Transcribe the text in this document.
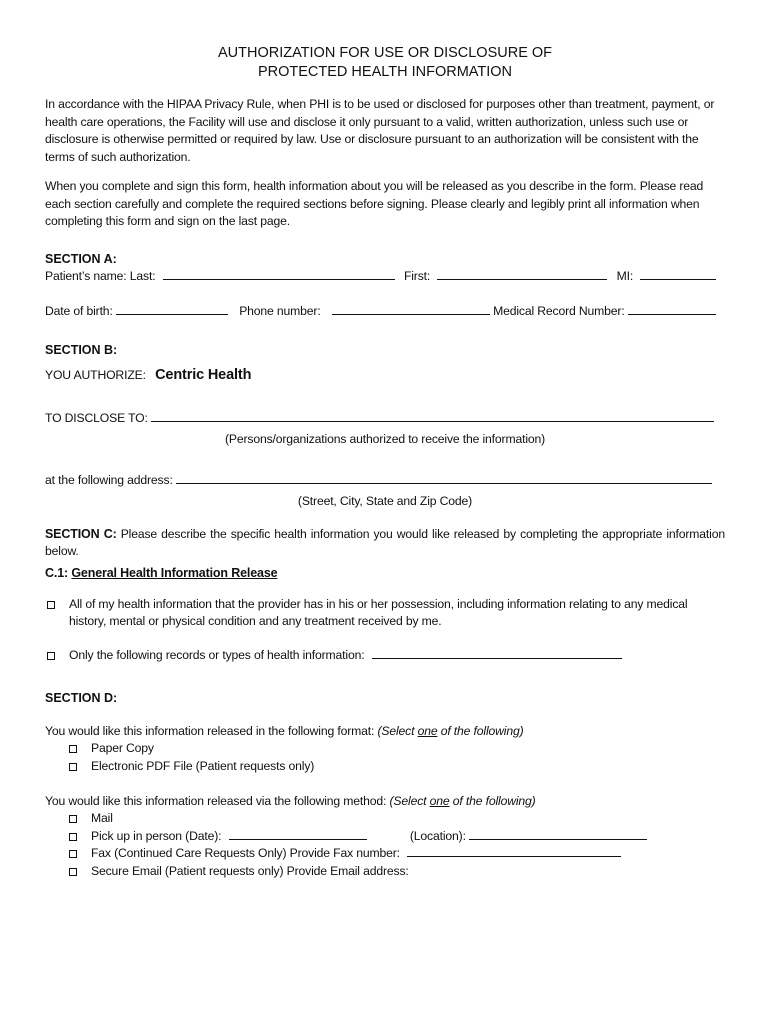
AUTHORIZATION FOR USE OR DISCLOSURE OF
PROTECTED HEALTH INFORMATION

In accordance with the HIPAA Privacy Rule, when PHI is to be used or disclosed for purposes other than treatment, payment, or health care operations, the Facility will use and disclose it only pursuant to a valid, written authorization, unless such use or disclosure is otherwise permitted or required by law. Use or disclosure pursuant to an authorization will be consistent with the terms of such authorization.

When you complete and sign this form, health information about you will be released as you describe in the form. Please read each section carefully and complete the required sections before signing. Please clearly and legibly print all information when completing this form and sign on the last page.

SECTION A:
Patient’s name: Last:	First:	MI:
Date of birth:	Phone number:	Medical Record Number:
SECTION B:
YOU AUTHORIZE: Centric Health
TO DISCLOSE TO:
(Persons/organizations authorized to receive the information)
at the following address:
(Street, City, State and Zip Code)

SECTION C: Please describe the specific health information you would like released by completing the appropriate information below.

C.1: General Health Information Release
All of my health information that the provider has in his or her possession, including information relating to any medical history, mental or physical condition and any treatment received by me.
Only the following records or types of health information:
SECTION D:
You would like this information released in the following format: (Select one of the following)
Paper Copy
Electronic PDF File (Patient requests only)
You would like this information released via the following method: (Select one of the following)
Mail
Pick up in person (Date):	(Location):
Fax (Continued Care Requests Only) Provide Fax number:
Secure Email (Patient requests only) Provide Email address:
